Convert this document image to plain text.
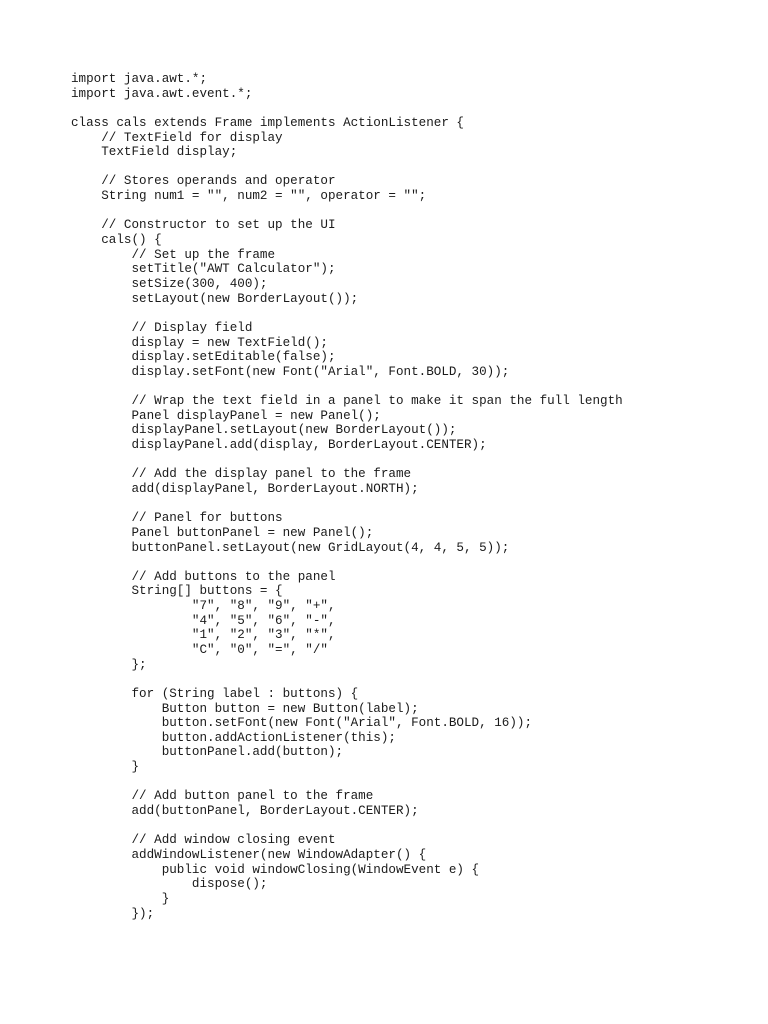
import java.awt.*;
import java.awt.event.*;
class cals extends Frame implements ActionListener {
// TextField for display
TextField display;
// Stores operands and operator
String num1 = "", num2 = "", operator = "";
// Constructor to set up the UI
cals() {
// Set up the frame
setTitle("AWT Calculator");
setSize(300, 400);
setLayout(new BorderLayout());
// Display field
display = new TextField();
display.setEditable(false);
display.setFont(new Font("Arial", Font.BOLD, 30));
// Wrap the text field in a panel to make it span the full length
Panel displayPanel = new Panel();
displayPanel.setLayout(new BorderLayout());
displayPanel.add(display, BorderLayout.CENTER);
// Add the display panel to the frame
add(displayPanel, BorderLayout.NORTH);
// Panel for buttons
Panel buttonPanel = new Panel();
buttonPanel.setLayout(new GridLayout(4, 4, 5, 5));
// Add buttons to the panel
String[] buttons = {
"7", "8", "9", "+",
"4", "5", "6", "-",
"1", "2", "3", "*",
"C", "0", "=", "/"
};
for (String label : buttons) {
Button button = new Button(label);
button.setFont(new Font("Arial", Font.BOLD, 16));
button.addActionListener(this);
buttonPanel.add(button);
}
// Add button panel to the frame
add(buttonPanel, BorderLayout.CENTER);
// Add window closing event
addWindowListener(new WindowAdapter() {
public void windowClosing(WindowEvent e) {
dispose();
}
});
